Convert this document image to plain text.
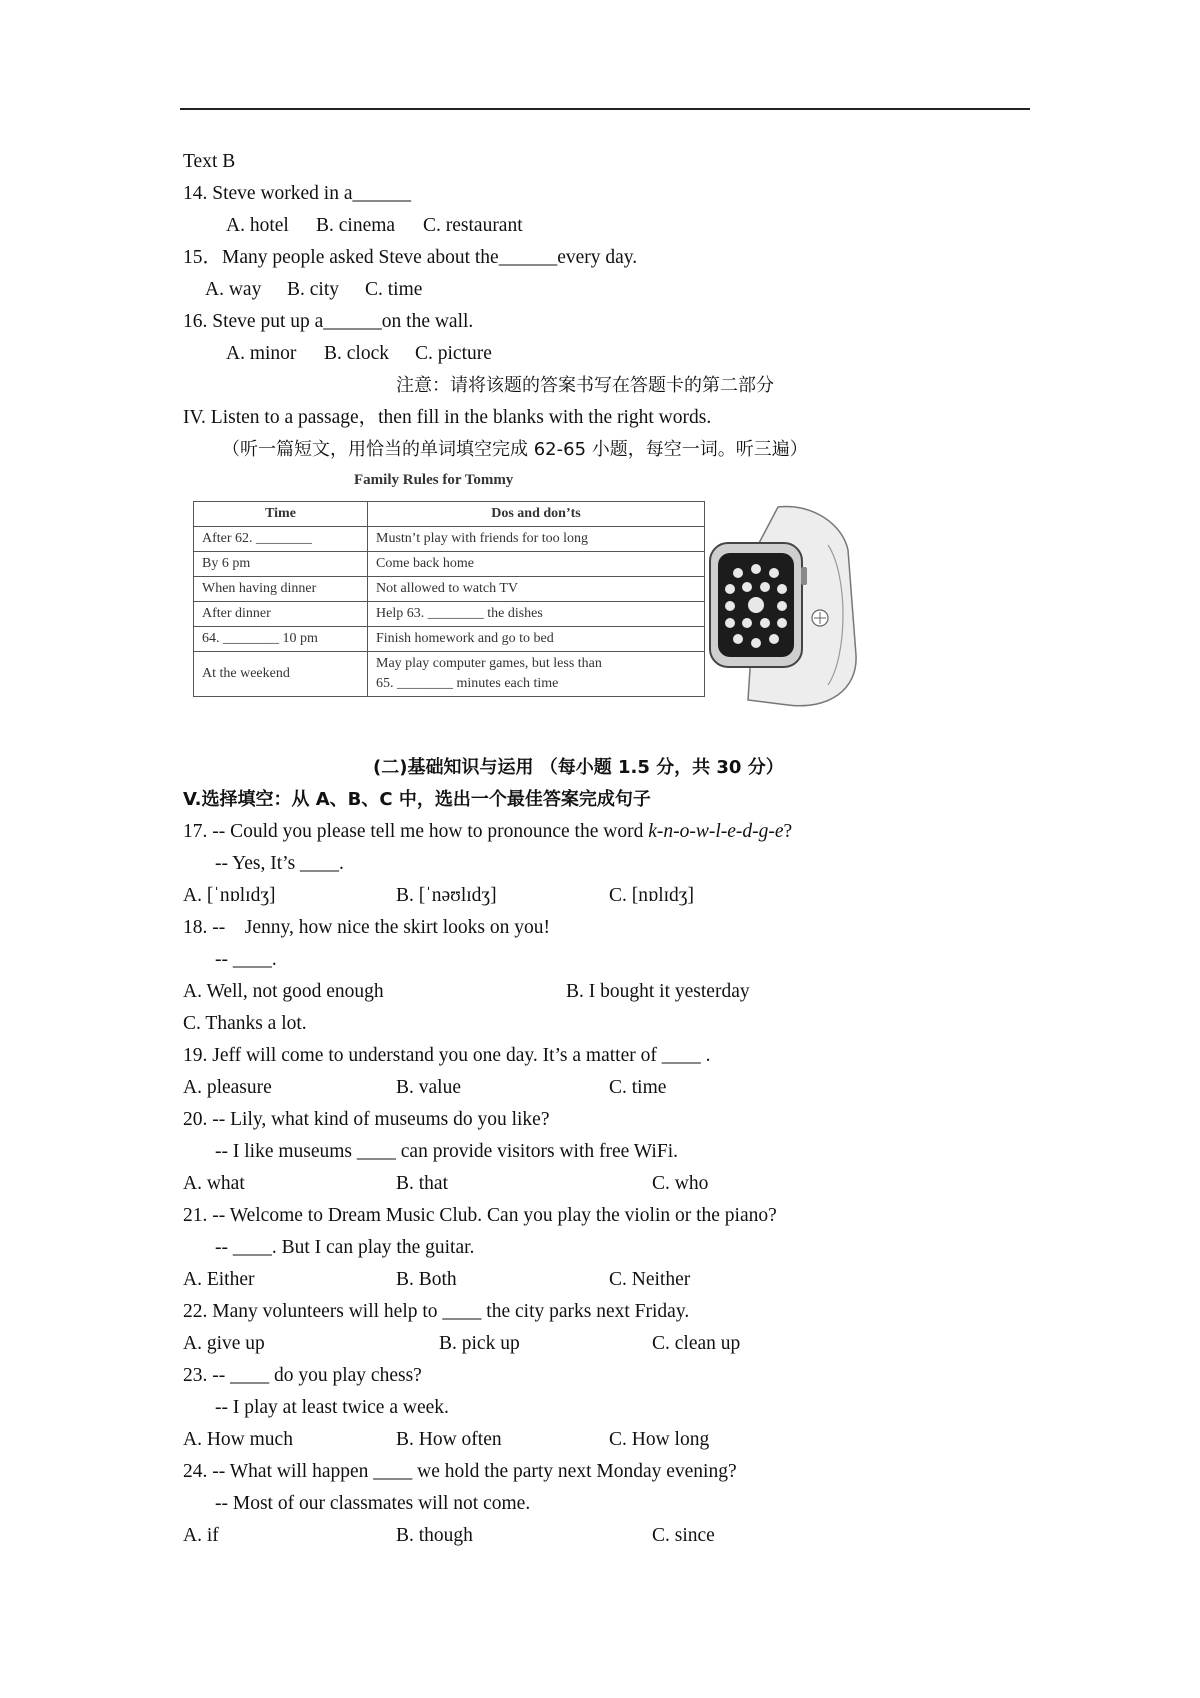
Text B
14. Steve worked in a______
A. hotel B. cinema C. restaurant
15．Many people asked Steve about the______every day.
A. way B. city C. time
16. Steve put up a______on the wall.
A. minor B. clock C. picture
注意：请将该题的答案书写在答题卡的第二部分
IV. Listen to a passage，then fill in the blanks with the right words.
（听一篇短文，用恰当的单词填空完成 62-65 小题，每空一词。听三遍）
Family Rules for Tommy
Time	Dos and don’ts
After 62. ________	Mustn’t play with friends for too long
By 6 pm	Come back home
When having dinner	Not allowed to watch TV
After dinner	Help 63. ________ the dishes
64. ________ 10 pm	Finish homework and go to bed
At the weekend	May play computer games, but less than
65. ________ minutes each time
(二)基础知识与运用 （每小题 1.5 分，共 30 分）
V.选择填空：从 A、B、C 中，选出一个最佳答案完成句子
17. -- Could you please tell me how to pronounce the word k-n-o-w-l-e-d-g-e?
-- Yes, It’s ____.
A. [ˈnɒlɪdʒ]	B. [ˈnəʊlɪdʒ]	C. [nɒlɪdʒ]
18. --    Jenny, how nice the skirt looks on you!
-- ____.
A. Well, not good enough	B. I bought it yesterday
C. Thanks a lot.
19. Jeff will come to understand you one day. It’s a matter of ____ .
A. pleasure	B. value	C. time
20. -- Lily, what kind of museums do you like?
-- I like museums ____ can provide visitors with free WiFi.
A. what	B. that	C. who
21. -- Welcome to Dream Music Club. Can you play the violin or the piano?
-- ____. But I can play the guitar.
A. Either	B. Both	C. Neither
22. Many volunteers will help to ____ the city parks next Friday.
A. give up	B. pick up	C. clean up
23. -- ____ do you play chess?
-- I play at least twice a week.
A. How much	B. How often	C. How long
24. -- What will happen ____ we hold the party next Monday evening?
-- Most of our classmates will not come.
A. if	B. though	C. since
